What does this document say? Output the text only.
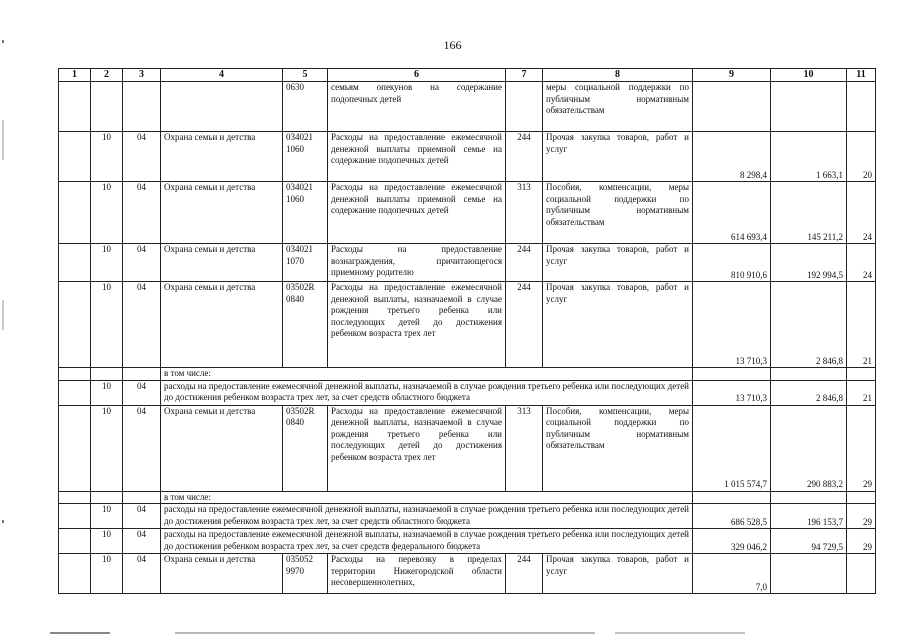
166
1	2	3	4	5	6	7	8	9	10	11
				0630	семьям опекунов на содержание подопечных детей		меры социальной поддержки по публичным нормативным обязательствам			
	10	04	Охрана семьи и детства	034021 1060	Расходы на предоставление ежемесячной денежной выплаты приемной семье на содержание подопечных детей	244	Прочая закупка товаров, работ и услуг	8 298,4	1 663,1	20
	10	04	Охрана семьи и детства	034021 1060	Расходы на предоставление ежемесячной денежной выплаты приемной семье на содержание подопечных детей	313	Пособия, компенсации, меры социальной поддержки по публичным нормативным обязательствам	614 693,4	145 211,2	24
	10	04	Охрана семьи и детства	034021 1070	Расходы на предоставление вознаграждения, причитающегося приемному родителю	244	Прочая закупка товаров, работ и услуг	810 910,6	192 994,5	24
	10	04	Охрана семьи и детства	03502R 0840	Расходы на предоставление ежемесячной денежной выплаты, назначаемой в случае рождения третьего ребенка или последующих детей до достижения ребенком возраста трех лет	244	Прочая закупка товаров, работ и услуг	13 710,3	2 846,8	21
			в том числе:							
	10	04	расходы на предоставление ежемесячной денежной выплаты, назначаемой в случае рождения третьего ребенка или последующих детей до достижения ребенком возраста трех лет, за счет средств областного бюджета					13 710,3	2 846,8	21
	10	04	Охрана семьи и детства	03502R 0840	Расходы на предоставление ежемесячной денежной выплаты, назначаемой в случае рождения третьего ребенка или последующих детей до достижения ребенком возраста трех лет	313	Пособия, компенсации, меры социальной поддержки по публичным нормативным обязательствам	1 015 574,7	290 883,2	29
			в том числе:							
	10	04	расходы на предоставление ежемесячной денежной выплаты, назначаемой в случае рождения третьего ребенка или последующих детей до достижения ребенком возраста трех лет, за счет средств областного бюджета					686 528,5	196 153,7	29
	10	04	расходы на предоставление ежемесячной денежной выплаты, назначаемой в случае рождения третьего ребенка или последующих детей до достижения ребенком возраста трех лет, за счет средств федерального бюджета					329 046,2	94 729,5	29
	10	04	Охрана семьи и детства	035052 9970	Расходы на перевозку в пределах территории Нижегородской области несовершеннолетних,	244	Прочая закупка товаров, работ и услуг	7,0		
